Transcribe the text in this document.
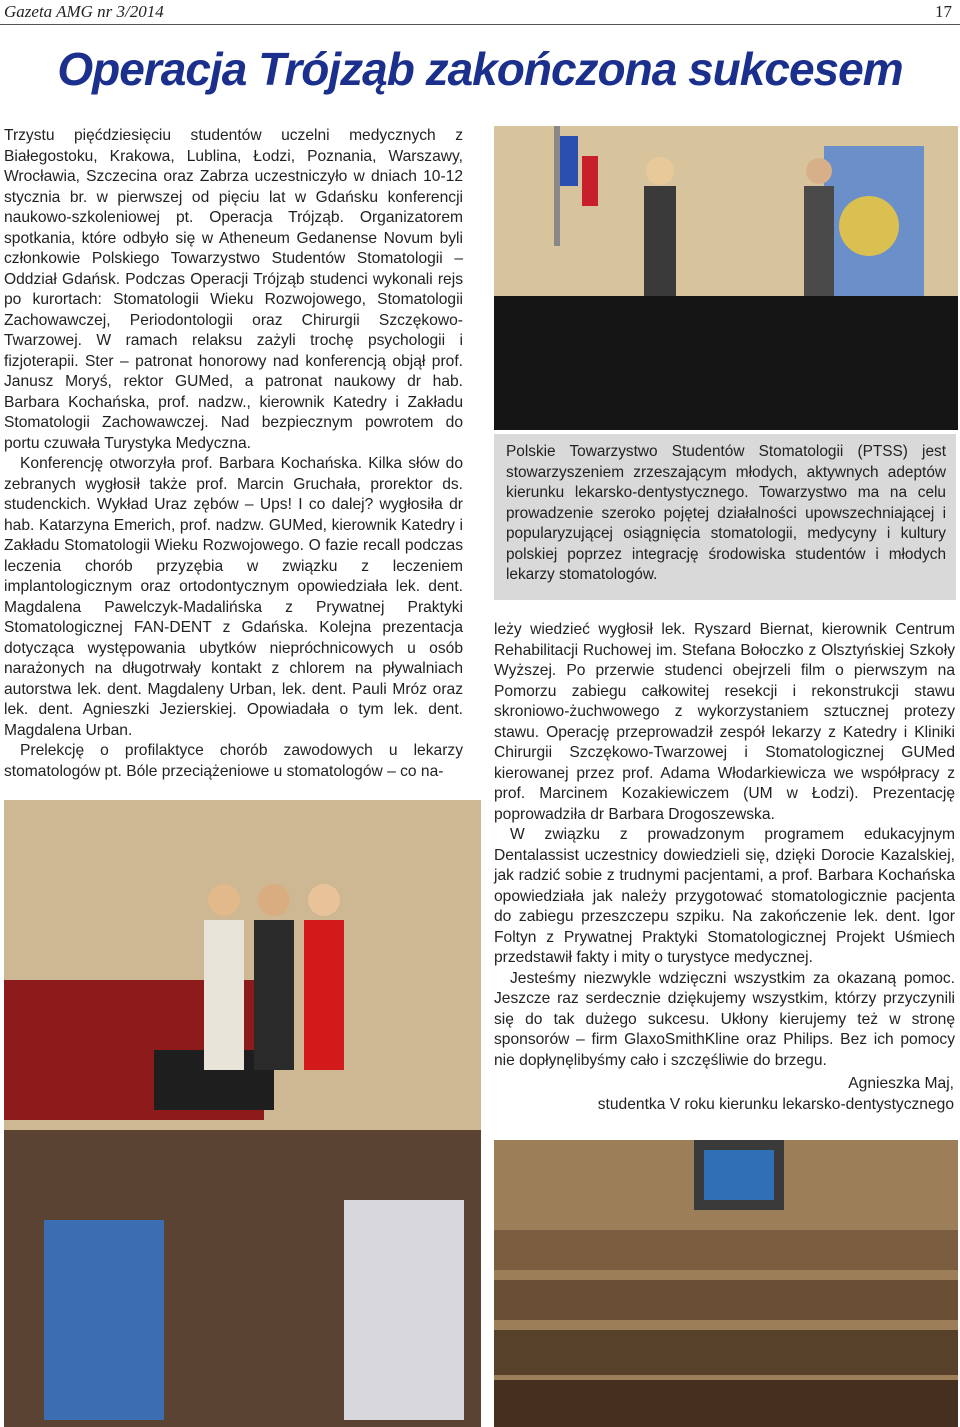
Gazeta AMG nr 3/2014	17
Operacja Trójząb zakończona sukcesem

Trzystu pięćdziesięciu studentów uczelni medycznych z Białegostoku, Krakowa, Lublina, Łodzi, Poznania, Warszawy, Wrocławia, Szczecina oraz Zabrza uczestniczyło w dniach 10-12 stycznia br. w pierwszej od pięciu lat w Gdańsku konferencji naukowo-szkoleniowej pt. Operacja Trójząb. Organizatorem spotkania, które odbyło się w Atheneum Gedanense Novum byli członkowie Polskiego Towarzystwo Studentów Stomatologii – Oddział Gdańsk. Podczas Operacji Trójząb studenci wykonali rejs po kurortach: Stomatologii Wieku Rozwojowego, Stomatologii Zachowawczej, Periodontologii oraz Chirurgii Szczękowo-Twarzowej. W ramach relaksu zażyli trochę psychologii i fizjoterapii. Ster – patronat honorowy nad konferencją objął prof. Janusz Moryś, rektor GUMed, a patronat naukowy dr hab. Barbara Kochańska, prof. nadzw., kierownik Katedry i Zakładu Stomatologii Zachowawczej. Nad bezpiecznym powrotem do portu czuwała Turystyka Medyczna.

Konferencję otworzyła prof. Barbara Kochańska. Kilka słów do zebranych wygłosił także prof. Marcin Gruchała, prorektor ds. studenckich. Wykład Uraz zębów – Ups! I co dalej? wygłosiła dr hab. Katarzyna Emerich, prof. nadzw. GUMed, kierownik Katedry i Zakładu Stomatologii Wieku Rozwojowego. O fazie recall podczas leczenia chorób przyzębia w związku z leczeniem implantologicznym oraz ortodontycznym opowiedziała lek. dent. Magdalena Pawelczyk-Madalińska z Prywatnej Praktyki Stomatologicznej FAN-DENT z Gdańska. Kolejna prezentacja dotycząca występowania ubytków niepróchnicowych u osób narażonych na długotrwały kontakt z chlorem na pływalniach autorstwa lek. dent. Magdaleny Urban, lek. dent. Pauli Mróz oraz lek. dent. Agnieszki Jezierskiej. Opowiadała o tym lek. dent. Magdalena Urban.

Prelekcję o profilaktyce chorób zawodowych u lekarzy stomatologów pt. Bóle przeciążeniowe u stomatologów – co na-

Polskie Towarzystwo Studentów Stomatologii (PTSS) jest stowarzyszeniem zrzeszającym młodych, aktywnych adeptów kierunku lekarsko-dentystycznego. Towarzystwo ma na celu prowadzenie szeroko pojętej działalności upowszechniającej i popularyzującej osiągnięcia stomatologii, medycyny i kultury polskiej poprzez integrację środowiska studentów i młodych lekarzy stomatologów.

leży wiedzieć wygłosił lek. Ryszard Biernat, kierownik Centrum Rehabilitacji Ruchowej im. Stefana Bołoczko z Olsztyńskiej Szkoły Wyższej. Po przerwie studenci obejrzeli film o pierwszym na Pomorzu zabiegu całkowitej resekcji i rekonstrukcji stawu skroniowo-żuchwowego z wykorzystaniem sztucznej protezy stawu. Operację przeprowadził zespół lekarzy z Katedry i Kliniki Chirurgii Szczękowo-Twarzowej i Stomatologicznej GUMed kierowanej przez prof. Adama Włodarkiewicza we współpracy z prof. Marcinem Kozakiewiczem (UM w Łodzi). Prezentację poprowadziła dr Barbara Drogoszewska.

W związku z prowadzonym programem edukacyjnym Dentalassist uczestnicy dowiedzieli się, dzięki Dorocie Kazalskiej, jak radzić sobie z trudnymi pacjentami, a prof. Barbara Kochańska opowiedziała jak należy przygotować stomatologicznie pacjenta do zabiegu przeszczepu szpiku. Na zakończenie lek. dent. Igor Foltyn z Prywatnej Praktyki Stomatologicznej Projekt Uśmiech przedstawił fakty i mity o turystyce medycznej.

Jesteśmy niezwykle wdzięczni wszystkim za okazaną pomoc. Jeszcze raz serdecznie dziękujemy wszystkim, którzy przyczynili się do tak dużego sukcesu. Ukłony kierujemy też w stronę sponsorów – firm GlaxoSmithKline oraz Philips. Bez ich pomocy nie dopłynęlibyśmy cało i szczęśliwie do brzegu.

Agnieszka Maj,
studentka V roku kierunku lekarsko-dentystycznego
